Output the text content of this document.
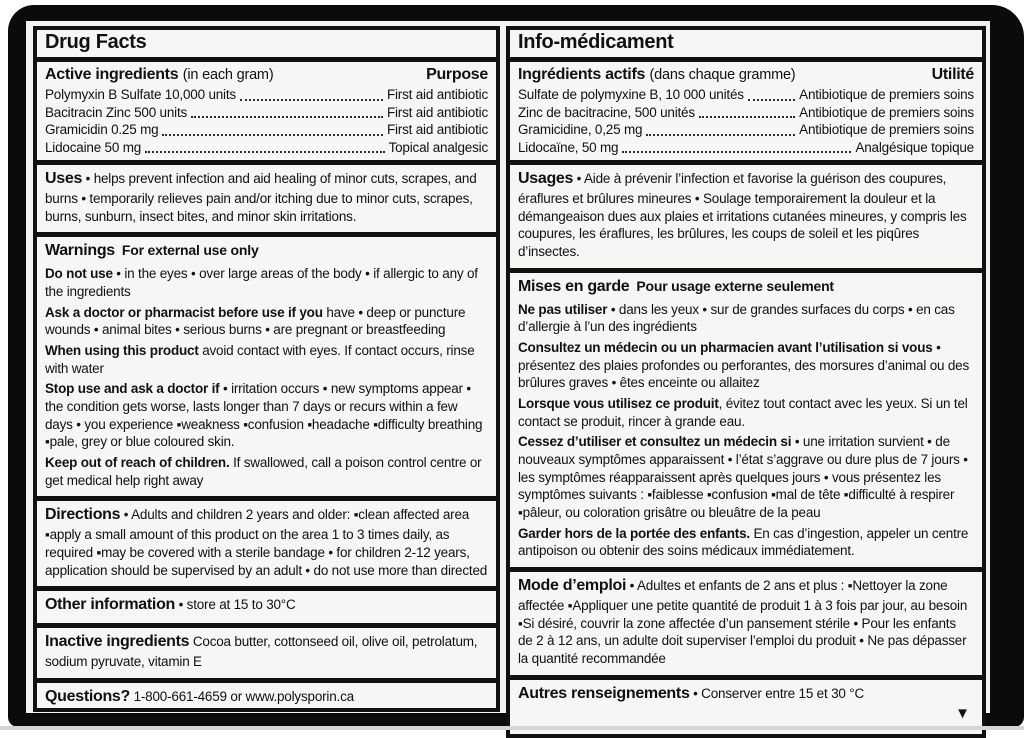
Drug Facts
Active ingredients (in each gram)	Purpose
Polymyxin B Sulfate 10,000 units	First aid antibiotic
Bacitracin Zinc 500 units	First aid antibiotic
Gramicidin 0.25 mg	First aid antibiotic
Lidocaine 50 mg	Topical analgesic

Uses • helps prevent infection and aid healing of minor cuts, scrapes, and burns • temporarily relieves pain and/or itching due to minor cuts, scrapes, burns, sunburn, insect bites, and minor skin irritations.

Warnings For external use only

Do not use • in the eyes • over large areas of the body • if allergic to any of the ingredients

Ask a doctor or pharmacist before use if you have • deep or puncture wounds • animal bites • serious burns • are pregnant or breastfeeding

When using this product avoid contact with eyes. If contact occurs, rinse with water

Stop use and ask a doctor if • irritation occurs • new symptoms appear • the condition gets worse, lasts longer than 7 days or recurs within a few days • you experience ▪weakness ▪confusion ▪headache ▪difficulty breathing ▪pale, grey or blue coloured skin.

Keep out of reach of children. If swallowed, call a poison control centre or get medical help right away

Directions • Adults and children 2 years and older: ▪clean affected area ▪apply a small amount of this product on the area 1 to 3 times daily, as required ▪may be covered with a sterile bandage • for children 2-12 years, application should be supervised by an adult • do not use more than directed

Other information • store at 15 to 30°C

Inactive ingredients Cocoa butter, cottonseed oil, olive oil, petrolatum, sodium pyruvate, vitamin E

Questions? 1-800-661-4659 or www.polysporin.ca

Info-médicament
Ingrédients actifs (dans chaque gramme)	Utilité
Sulfate de polymyxine B, 10 000 unités	Antibiotique de premiers soins
Zinc de bacitracine, 500 unités	Antibiotique de premiers soins
Gramicidine, 0,25 mg	Antibiotique de premiers soins
Lidocaïne, 50 mg	Analgésique topique

Usages • Aide à prévenir l’infection et favorise la guérison des coupures, éraflures et brûlures mineures • Soulage temporairement la douleur et la démangeaison dues aux plaies et irritations cutanées mineures, y compris les coupures, les éraflures, les brûlures, les coups de soleil et les piqûres d’insectes.

Mises en garde Pour usage externe seulement

Ne pas utiliser • dans les yeux • sur de grandes surfaces du corps • en cas d’allergie à l’un des ingrédients

Consultez un médecin ou un pharmacien avant l’utilisation si vous • présentez des plaies profondes ou perforantes, des morsures d’animal ou des brûlures graves • êtes enceinte ou allaitez

Lorsque vous utilisez ce produit, évitez tout contact avec les yeux. Si un tel contact se produit, rincer à grande eau.

Cessez d’utiliser et consultez un médecin si • une irritation survient • de nouveaux symptômes apparaissent • l’état s’aggrave ou dure plus de 7 jours • les symptômes réapparaissent après quelques jours • vous présentez les symptômes suivants : ▪faiblesse ▪confusion ▪mal de tête ▪difficulté à respirer ▪pâleur, ou coloration grisâtre ou bleuâtre de la peau

Garder hors de la portée des enfants. En cas d’ingestion, appeler un centre antipoison ou obtenir des soins médicaux immédiatement.

Mode d’emploi • Adultes et enfants de 2 ans et plus : ▪Nettoyer la zone affectée ▪Appliquer une petite quantité de produit 1 à 3 fois par jour, au besoin ▪Si désiré, couvrir la zone affectée d’un pansement stérile • Pour les enfants de 2 à 12 ans, un adulte doit superviser l’emploi du produit • Ne pas dépasser la quantité recommandée

Autres renseignements • Conserver entre 15 et 30 °C

▼
